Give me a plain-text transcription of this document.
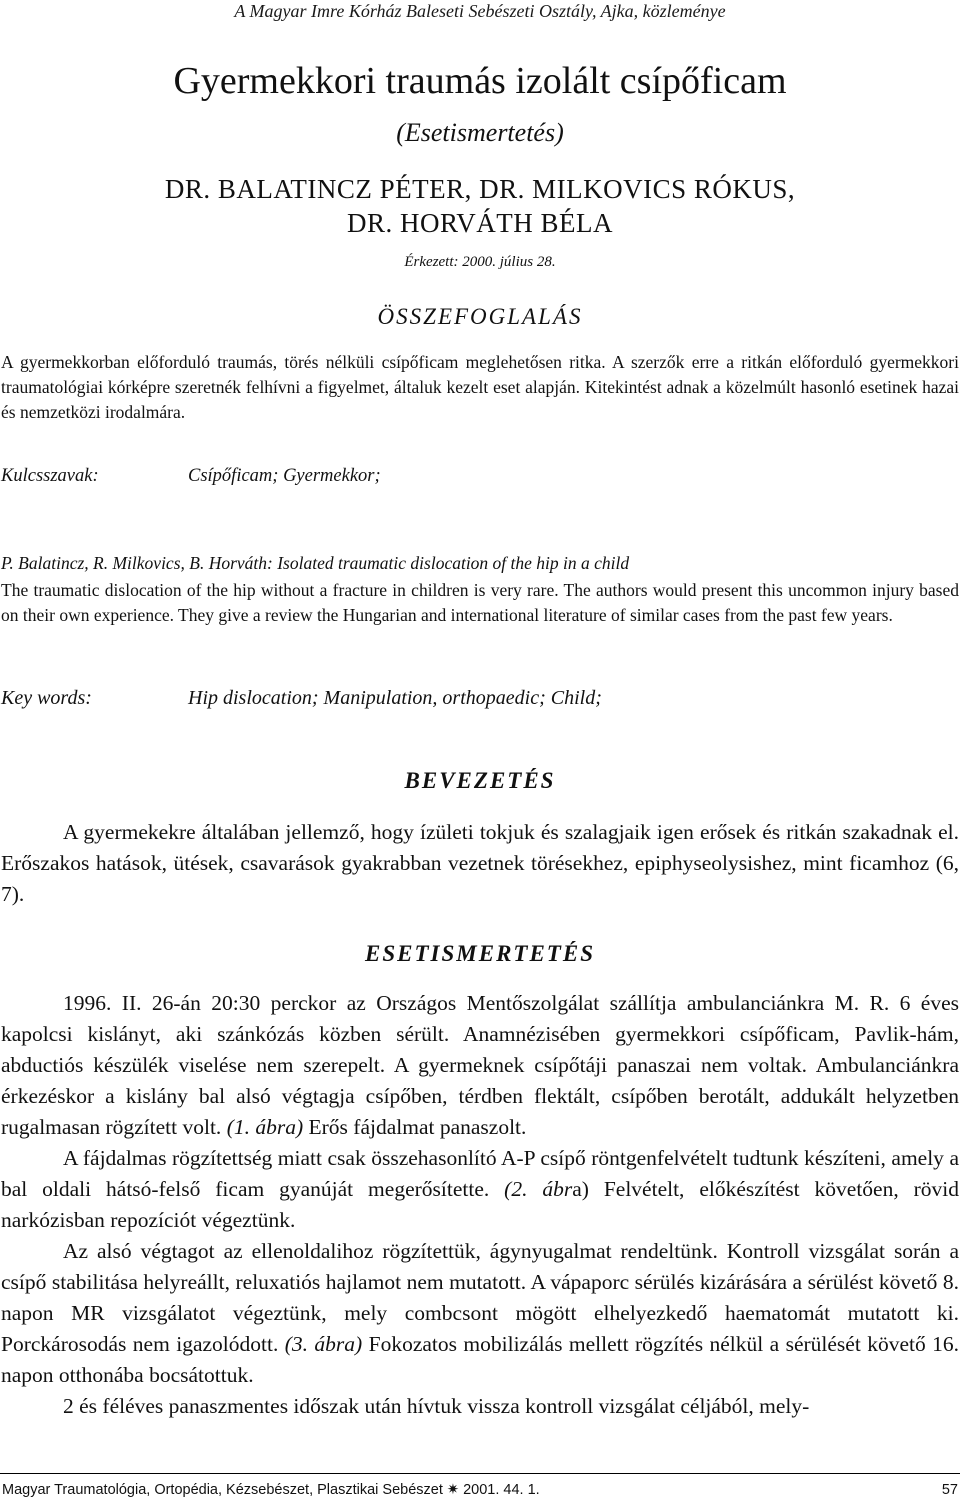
A Magyar Imre Kórház Baleseti Sebészeti Osztály, Ajka, közleménye
Gyermekkori traumás izolált csípőficam
(Esetismertetés)
DR. BALATINCZ PÉTER, DR. MILKOVICS RÓKUS,
DR. HORVÁTH BÉLA
Érkezett: 2000. július 28.
ÖSSZEFOGLALÁS

A gyermekkorban előforduló traumás, törés nélküli csípőficam meglehetősen ritka. A szerzők erre a ritkán előforduló gyermekkori traumatológiai kórképre szeretnék felhívni a figyelmet, általuk kezelt eset alapján. Kitekintést adnak a közelmúlt hasonló esetinek hazai és nemzetközi irodalmára.

Kulcsszavak:	Csípőficam; Gyermekkor;
P. Balatincz, R. Milkovics, B. Horváth: Isolated traumatic dislocation of the hip in a child

The traumatic dislocation of the hip without a fracture in children is very rare. The authors would present this uncommon injury based on their own experience. They give a review the Hungarian and international literature of similar cases from the past few years.

Key words:	Hip dislocation; Manipulation, orthopaedic; Child;
BEVEZETÉS

A gyermekekre általában jellemző, hogy ízületi tokjuk és szalagjaik igen erősek és ritkán szakadnak el. Erőszakos hatások, ütések, csavarások gyakrabban vezetnek törésekhez, epiphyseolysishez, mint ficamhoz (6, 7).

ESETISMERTETÉS
1996. II. 26-án 20:30 perckor az Országos Mentőszolgálat szállítja ambulanciánkra M. R. 6 éves kapolcsi kislányt, aki szánkózás közben sérült. Anamnézisében gyermekkori csípőficam, Pavlik-hám, abductiós készülék viselése nem szerepelt. A gyermeknek csípőtáji panaszai nem voltak. Ambulanciánkra érkezéskor a kislány bal alsó végtagja csípőben, térdben flektált, csípőben berotált, addukált helyzetben rugalmasan rögzített volt. (1. ábra) Erős fájdalmat panaszolt.
A fájdalmas rögzítettség miatt csak összehasonlító A-P csípő röntgenfelvételt tudtunk készíteni, amely a bal oldali hátsó-felső ficam gyanúját megerősítette. (2. ábra) Felvételt, előkészítést követően, rövid narkózisban repozíciót végeztünk.
Az alsó végtagot az ellenoldalihoz rögzítettük, ágynyugalmat rendeltünk. Kontroll vizsgálat során a csípő stabilitása helyreállt, reluxatiós hajlamot nem mutatott. A vápaporc sérülés kizárására a sérülést követő 8. napon MR vizsgálatot végeztünk, mely combcsont mögött elhelyezkedő haematomát mutatott ki. Porckárosodás nem igazolódott. (3. ábra) Fokozatos mobilizálás mellett rögzítés nélkül a sérülését követő 16. napon otthonába bocsátottuk.
2 és féléves panaszmentes időszak után hívtuk vissza kontroll vizsgálat céljából, mely-
Magyar Traumatológia, Ortopédia, Kézsebészet, Plasztikai Sebészet ✷ 2001. 44. 1.	57
